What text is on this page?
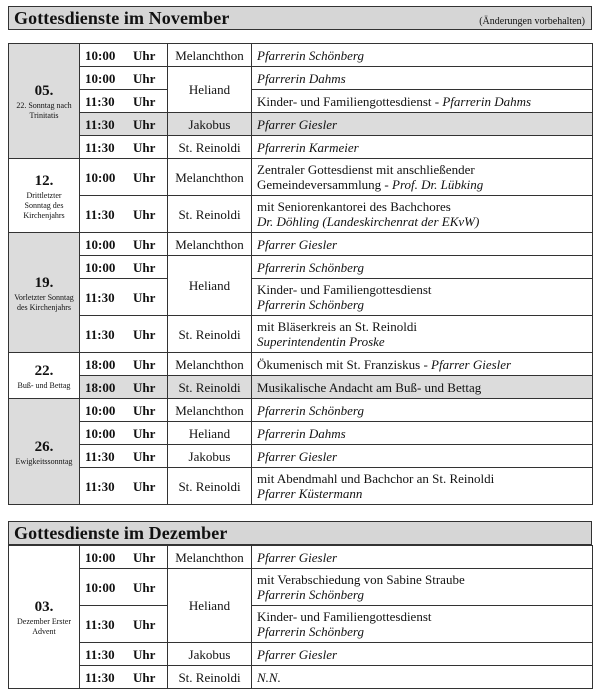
Gottesdienste im November	(Änderungen vorbehalten)
05.
22. Sonntag nach Trinitatis	10:00 Uhr	Melanchthon	Pfarrerin Schönberg
	10:00 Uhr	Heliand	Pfarrerin Dahms
	11:30 Uhr		Kinder- und Familiengottesdienst - Pfarrerin Dahms
	11:30 Uhr	Jakobus	Pfarrer Giesler
	11:30 Uhr	St. Reinoldi	Pfarrerin Karmeier

12.
Drittletzter Sonntag des Kirchenjahrs	10:00 Uhr	Melanchthon	Zentraler Gottesdienst mit anschließender Gemeindeversammlung - Prof. Dr. Lübking
	11:30 Uhr	St. Reinoldi	mit Seniorenkantorei des Bachchores
Dr. Döhling (Landeskirchenrat der EKvW)

19.
Vorletzter Sonntag des Kirchenjahrs	10:00 Uhr	Melanchthon	Pfarrer Giesler
	10:00 Uhr	Heliand	Pfarrerin Schönberg
	11:30 Uhr		Kinder- und Familiengottesdienst
Pfarrerin Schönberg
	11:30 Uhr	St. Reinoldi	mit Bläserkreis an St. Reinoldi
Superintendentin Proske

22.
Buß- und Bettag	18:00 Uhr	Melanchthon	Ökumenisch mit St. Franziskus - Pfarrer Giesler
	18:00 Uhr	St. Reinoldi	Musikalische Andacht am Buß- und Bettag

26.
Ewigkeitssonntag	10:00 Uhr	Melanchthon	Pfarrerin Schönberg
	10:00 Uhr	Heliand	Pfarrerin Dahms
	11:30 Uhr	Jakobus	Pfarrer Giesler
	11:30 Uhr	St. Reinoldi	mit Abendmahl und Bachchor an St. Reinoldi
Pfarrer Küstermann
Gottesdienste im Dezember
03.
Dezember Erster Advent	10:00 Uhr	Melanchthon	Pfarrer Giesler
	10:00 Uhr	Heliand	mit Verabschiedung von Sabine Straube
Pfarrerin Schönberg
	11:30 Uhr		Kinder- und Familiengottesdienst
Pfarrerin Schönberg
	11:30 Uhr	Jakobus	Pfarrer Giesler
	11:30 Uhr	St. Reinoldi	N.N.
